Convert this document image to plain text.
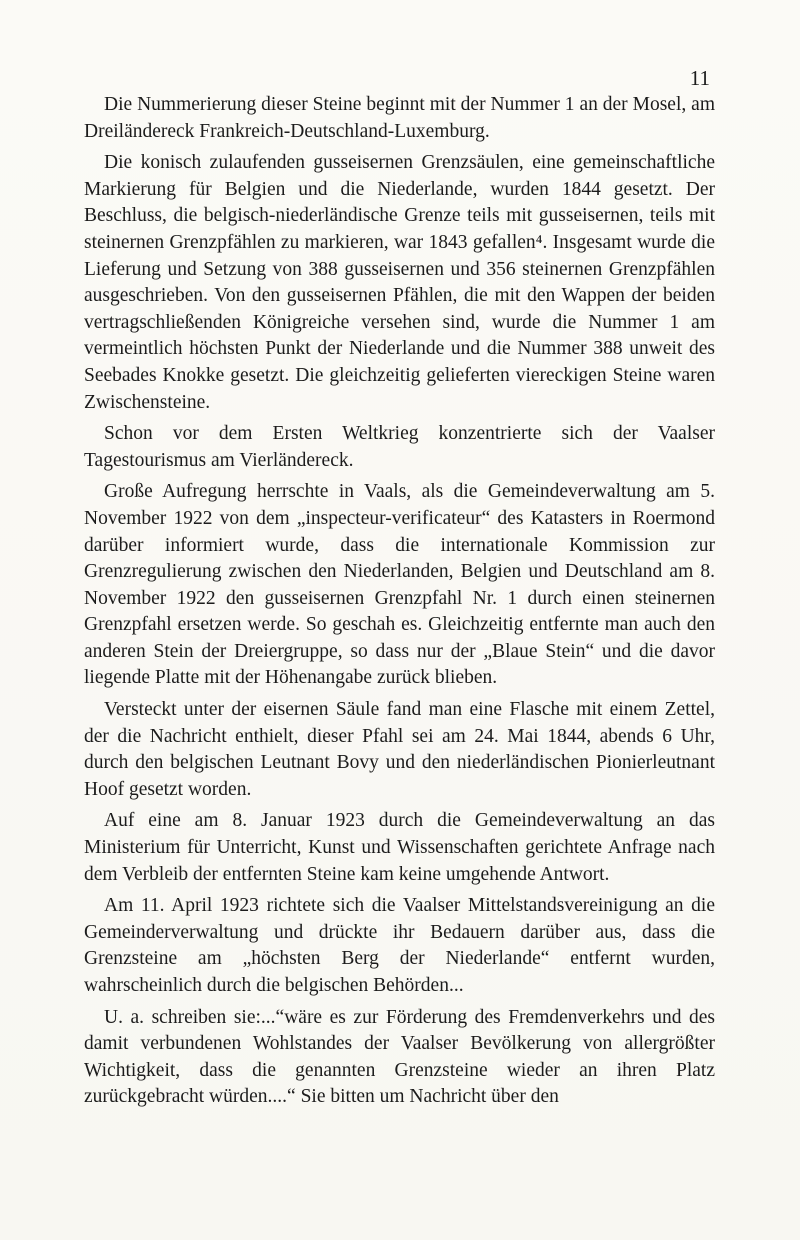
11

Die Nummerierung dieser Steine beginnt mit der Nummer 1 an der Mosel, am Dreiländereck Frankreich-Deutschland-Luxemburg.

Die konisch zulaufenden gusseisernen Grenzsäulen, eine gemeinschaftliche Markierung für Belgien und die Niederlande, wurden 1844 gesetzt. Der Beschluss, die belgisch-niederländische Grenze teils mit gusseisernen, teils mit steinernen Grenzpfählen zu markieren, war 1843 gefallen⁴. Insgesamt wurde die Lieferung und Setzung von 388 gusseisernen und 356 steinernen Grenzpfählen ausgeschrieben. Von den gusseisernen Pfählen, die mit den Wappen der beiden vertragschließenden Königreiche versehen sind, wurde die Nummer 1 am vermeintlich höchsten Punkt der Niederlande und die Nummer 388 unweit des Seebades Knokke gesetzt. Die gleichzeitig gelieferten viereckigen Steine waren Zwischensteine.

Schon vor dem Ersten Weltkrieg konzentrierte sich der Vaalser Tagestourismus am Vierländereck.

Große Aufregung herrschte in Vaals, als die Gemeindeverwaltung am 5. November 1922 von dem „inspecteur-verificateur“ des Katasters in Roermond darüber informiert wurde, dass die internationale Kommission zur Grenzregulierung zwischen den Niederlanden, Belgien und Deutschland am 8. November 1922 den gusseisernen Grenzpfahl Nr. 1 durch einen steinernen Grenzpfahl ersetzen werde. So geschah es. Gleichzeitig entfernte man auch den anderen Stein der Dreiergruppe, so dass nur der „Blaue Stein“ und die davor liegende Platte mit der Höhenangabe zurück blieben.

Versteckt unter der eisernen Säule fand man eine Flasche mit einem Zettel, der die Nachricht enthielt, dieser Pfahl sei am 24. Mai 1844, abends 6 Uhr, durch den belgischen Leutnant Bovy und den niederländischen Pionierleutnant Hoof gesetzt worden.

Auf eine am 8. Januar 1923 durch die Gemeindeverwaltung an das Ministerium für Unterricht, Kunst und Wissenschaften gerichtete Anfrage nach dem Verbleib der entfernten Steine kam keine umgehende Antwort.

Am 11. April 1923 richtete sich die Vaalser Mittelstandsvereinigung an die Gemeinderverwaltung und drückte ihr Bedauern darüber aus, dass die Grenzsteine am „höchsten Berg der Niederlande“ entfernt wurden, wahrscheinlich durch die belgischen Behörden...

U. a. schreiben sie:...“wäre es zur Förderung des Fremdenverkehrs und des damit verbundenen Wohlstandes der Vaalser Bevölkerung von allergrößter Wichtigkeit, dass die genannten Grenzsteine wieder an ihren Platz zurückgebracht würden....“ Sie bitten um Nachricht über den
